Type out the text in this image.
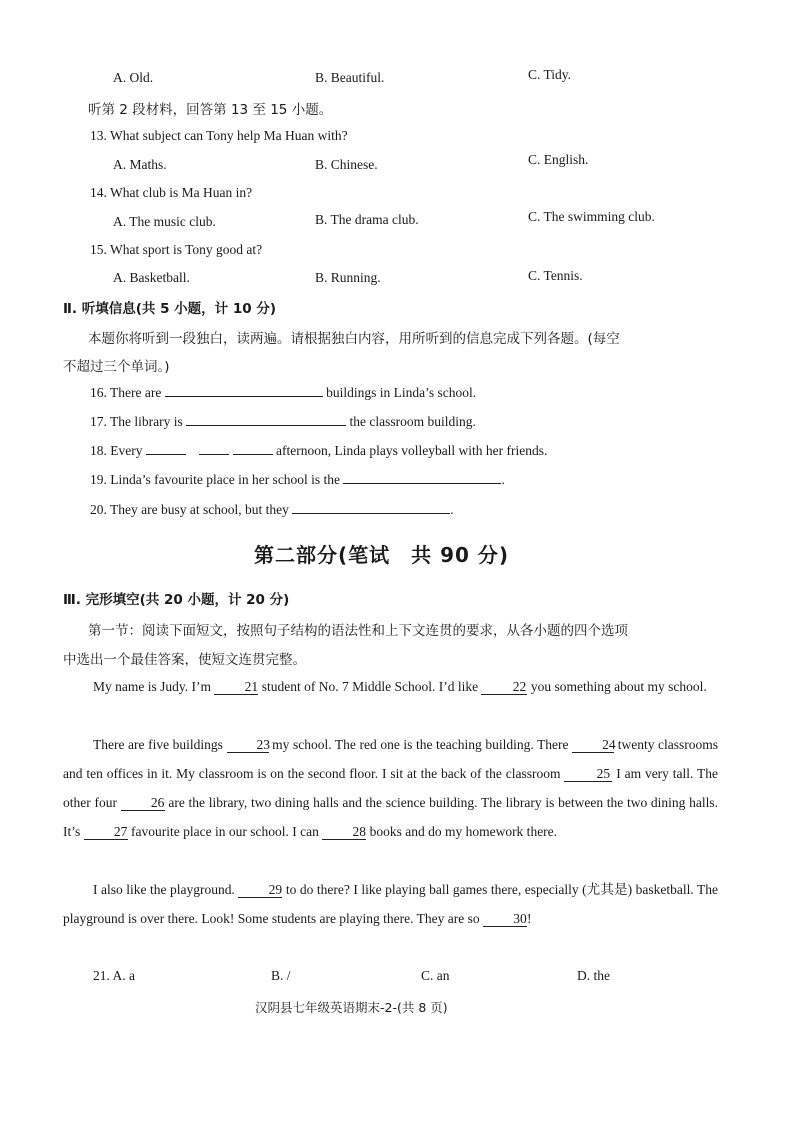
A. Old.	B. Beautiful.	C. Tidy.
听第 2 段材料，回答第 13 至 15 小题。
13. What subject can Tony help Ma Huan with?
A. Maths.	B. Chinese.	C. English.
14. What club is Ma Huan in?
A. The music club.	B. The drama club.	C. The swimming club.
15. What sport is Tony good at?
A. Basketball.	B. Running.	C. Tennis.
Ⅱ. 听填信息(共 5 小题，计 10 分)
本题你将听到一段独白，读两遍。请根据独白内容，用所听到的信息完成下列各题。(每空
不超过三个单词。)
16. There are	buildings in Linda’s school.
17. The library is	the classroom building.
18. Every	afternoon, Linda plays volleyball with her friends.
19. Linda’s favourite place in her school is the	.
20. They are busy at school, but they	.
第二部分(笔试　共 90 分)
Ⅲ. 完形填空(共 20 小题，计 20 分)
第一节：阅读下面短文，按照句子结构的语法性和上下文连贯的要求，从各小题的四个选项
中选出一个最佳答案，使短文连贯完整。
My name is Judy. I’m 21 student of No. 7 Middle School. I’d like	22 you something about my school.
There are five buildings 23 my school. The red one is the teaching building. There 24 twenty classrooms and ten offices in it. My classroom is on the second floor. I sit at the back of the classroom	25 I am very tall. The other four	26 are the library, two dining halls and the science building. The library is between the two dining halls. It’s 27 favourite place in our school. I can 28 books and do my homework there.
I also like the playground.	29 to do there? I like playing ball games there, especially (尤其是) basketball. The playground is over there. Look! Some students are playing there. They are so 30!
21. A. a	B. /	C. an	D. the
汉阴县七年级英语期末-2-(共 8 页)
